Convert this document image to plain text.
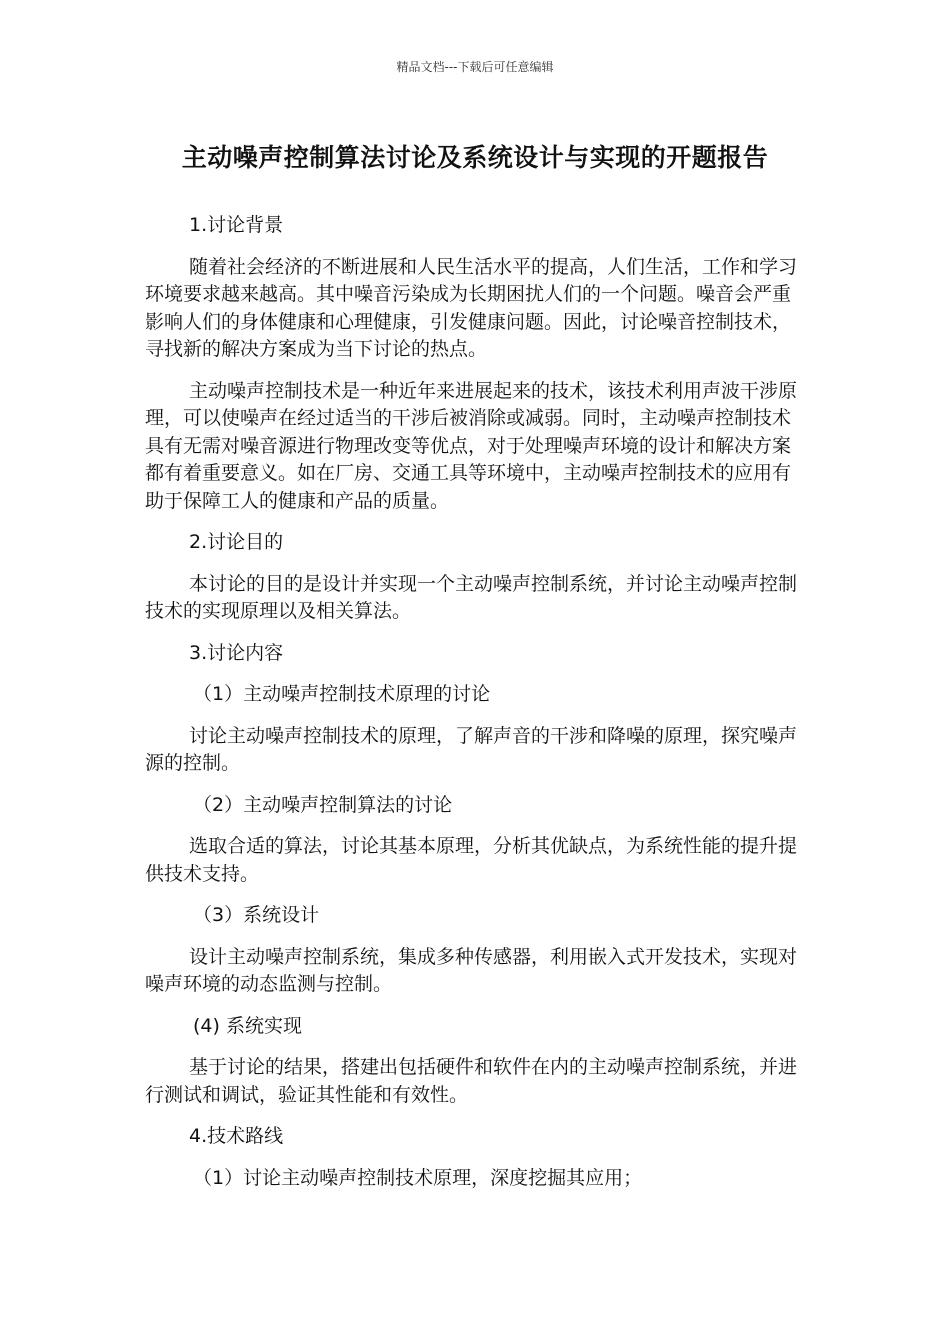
精品文档---下载后可任意编辑
主动噪声控制算法讨论及系统设计与实现的开题报告

1.讨论背景

随着社会经济的不断进展和人民生活水平的提高，人们生活，工作和学习环境要求越来越高。其中噪音污染成为长期困扰人们的一个问题。噪音会严重影响人们的身体健康和心理健康，引发健康问题。因此，讨论噪音控制技术，寻找新的解决方案成为当下讨论的热点。

主动噪声控制技术是一种近年来进展起来的技术，该技术利用声波干涉原理，可以使噪声在经过适当的干涉后被消除或减弱。同时，主动噪声控制技术具有无需对噪音源进行物理改变等优点，对于处理噪声环境的设计和解决方案都有着重要意义。如在厂房、交通工具等环境中，主动噪声控制技术的应用有助于保障工人的健康和产品的质量。

2.讨论目的

本讨论的目的是设计并实现一个主动噪声控制系统，并讨论主动噪声控制技术的实现原理以及相关算法。

3.讨论内容

（1）主动噪声控制技术原理的讨论

讨论主动噪声控制技术的原理，了解声音的干涉和降噪的原理，探究噪声源的控制。

（2）主动噪声控制算法的讨论

选取合适的算法，讨论其基本原理，分析其优缺点，为系统性能的提升提供技术支持。

（3）系统设计

设计主动噪声控制系统，集成多种传感器，利用嵌入式开发技术，实现对噪声环境的动态监测与控制。

(4) 系统实现

基于讨论的结果，搭建出包括硬件和软件在内的主动噪声控制系统，并进行测试和调试，验证其性能和有效性。

4.技术路线

（1）讨论主动噪声控制技术原理，深度挖掘其应用；
